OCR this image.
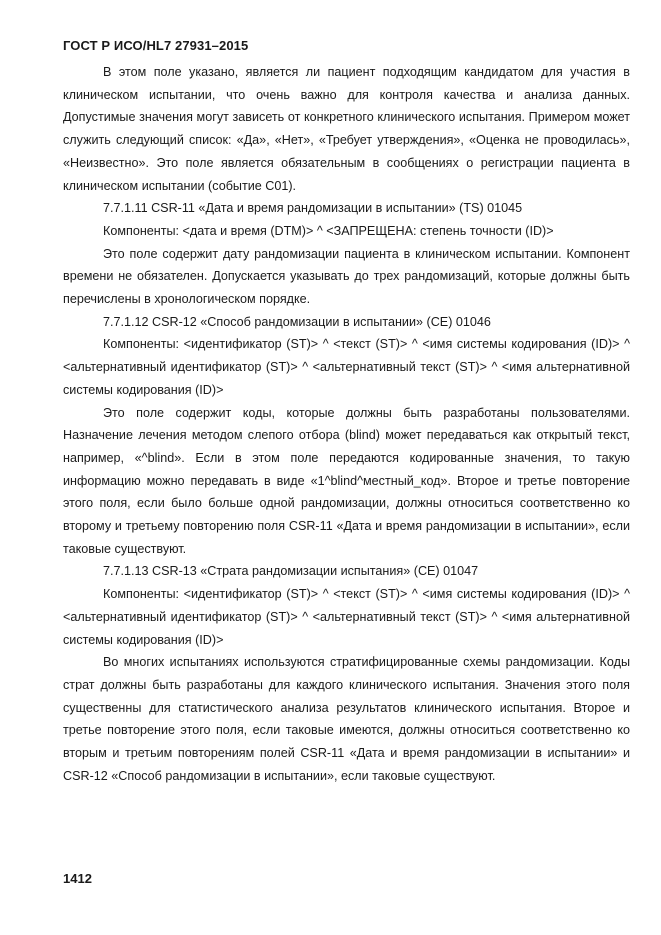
ГОСТ Р ИСО/HL7 27931–2015

В этом поле указано, является ли пациент подходящим кандидатом для участия в клиническом испытании, что очень важно для контроля качества и анализа данных. Допустимые значения могут зависеть от конкретного клинического испытания. Примером может служить следующий список: «Да», «Нет», «Требует утверждения», «Оценка не проводилась», «Неизвестно». Это поле является обязательным в сообщениях о регистрации пациента в клиническом испытании (событие C01).

7.7.1.11 CSR-11 «Дата и время рандомизации в испытании» (TS) 01045

Компоненты: <дата и время (DTM)> ^ <ЗАПРЕЩЕНА: степень точности (ID)>

Это поле содержит дату рандомизации пациента в клиническом испытании. Компонент времени не обязателен. Допускается указывать до трех рандомизаций, которые должны быть перечислены в хронологическом порядке.

7.7.1.12 CSR-12 «Способ рандомизации в испытании» (CE) 01046

Компоненты: <идентификатор (ST)> ^ <текст (ST)> ^ <имя системы кодирования (ID)> ^ <альтернативный идентификатор (ST)> ^ <альтернативный текст (ST)> ^ <имя альтернативной системы кодирования (ID)>

Это поле содержит коды, которые должны быть разработаны пользователями. Назначение лечения методом слепого отбора (blind) может передаваться как открытый текст, например, «^blind». Если в этом поле передаются кодированные значения, то такую информацию можно передавать в виде «1^blind^местный_код». Второе и третье повторение этого поля, если было больше одной рандомизации, должны относиться соответственно ко второму и третьему повторению поля CSR-11 «Дата и время рандомизации в испытании», если таковые существуют.

7.7.1.13 CSR-13 «Страта рандомизации испытания» (CE) 01047

Компоненты: <идентификатор (ST)> ^ <текст (ST)> ^ <имя системы кодирования (ID)> ^ <альтернативный идентификатор (ST)> ^ <альтернативный текст (ST)> ^ <имя альтернативной системы кодирования (ID)>

Во многих испытаниях используются стратифицированные схемы рандомизации. Коды страт должны быть разработаны для каждого клинического испытания. Значения этого поля существенны для статистического анализа результатов клинического испытания. Второе и третье повторение этого поля, если таковые имеются, должны относиться соответственно ко вторым и третьим повторениям полей CSR-11 «Дата и время рандомизации в испытании» и CSR-12 «Способ рандомизации в испытании», если таковые существуют.

1412
